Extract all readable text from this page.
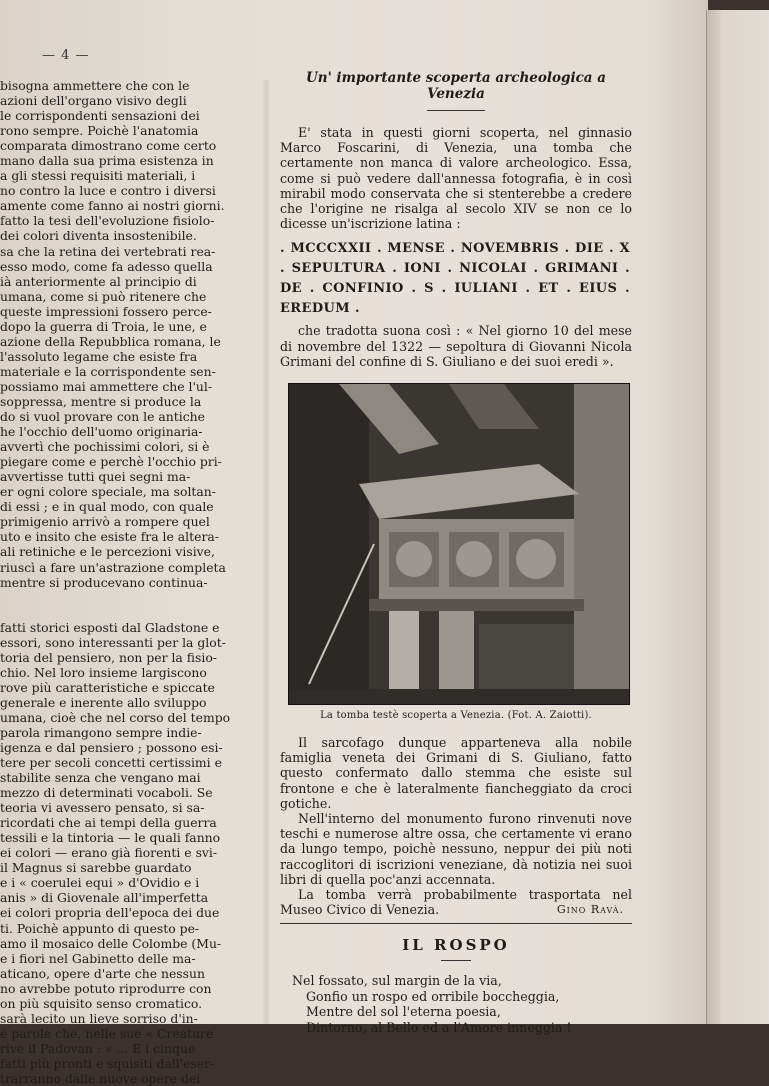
— 4 —

bisogna ammettere che con le

azioni dell'organo visivo degli

le corrispondenti sensazioni dei

rono sempre. Poichè l'anatomia

comparata dimostrano come certo

mano dalla sua prima esistenza in

a gli stessi requisiti materiali, i

no contro la luce e contro i diversi

amente come fanno ai nostri giorni.

fatto la tesi dell'evoluzione fisiolo-

dei colori diventa insostenibile.

sa che la retina dei vertebrati rea-

esso modo, come fa adesso quella

ià anteriormente al principio di

umana, come si può ritenere che

queste impressioni fossero perce-

dopo la guerra di Troia, le une, e

azione della Repubblica romana, le

l'assoluto legame che esiste fra

materiale e la corrispondente sen-

possiamo mai ammettere che l'ul-

soppressa, mentre si produce la

do si vuol provare con le antiche

he l'occhio dell'uomo originaria-

avvertì che pochissimi colori, si è

piegare come e perchè l'occhio pri-

avvertisse tutti quei segni ma-

er ogni colore speciale, ma soltan-

di essi ; e in qual modo, con quale

primigenio arrivò a rompere quel

uto e insito che esiste fra le altera-

ali retiniche e le percezioni visive,

riuscì a fare un'astrazione completa

mentre si producevano continua-

fatti storici esposti dal Gladstone e

essori, sono interessanti per la glot-

toria del pensiero, non per la fisio-

chio. Nel loro insieme largiscono

rove più caratteristiche e spiccate

generale e inerente allo sviluppo

umana, cioè che nel corso del tempo

parola rimangono sempre indie-

igenza e dal pensiero ; possono esi-

tere per secoli concetti certissimi e

stabilite senza che vengano mai

mezzo di determinati vocaboli. Se

teoria vi avessero pensato, si sa-

ricordati che ai tempi della guerra

tessili e la tintoria — le quali fanno

ei colori — erano già fiorenti e svi-

il Magnus si sarebbe guardato

e i « coerulei equi » d'Ovidio e i

anis » di Giovenale all'imperfetta

ei colori propria dell'epoca dei due

ti. Poichè appunto di questo pe-

amo il mosaico delle Colombe (Mu-

e i fiori nel Gabinetto delle ma-

aticano, opere d'arte che nessun

no avrebbe potuto riprodurre con

on più squisito senso cromatico.

sarà lecito un lieve sorriso d'in-

e parole che, nelle sue « Creature

rive il Padovan : « ... E i cinque

fatti più pronti e squisiti dall'eser-

trarranno dalle nuove opere dei

Un' importante scoperta archeologica a Venezia

E' stata in questi giorni scoperta, nel ginnasio Marco Foscarini, di Venezia, una tomba che certamente non manca di valore archeologico. Essa, come si può vedere dall'annessa fotografia, è in così mirabil modo conservata che si stenterebbe a credere che l'origine ne risalga al secolo XIV se non ce lo dicesse un'iscrizione latina :

. MCCCXXII . MENSE . NOVEMBRIS . DIE . X . SEPULTURA . IONI . NICOLAI . GRIMANI . DE . CONFINIO . S . IULIANI . ET . EIUS . EREDUM .

che tradotta suona così : « Nel giorno 10 del mese di novembre del 1322 — sepoltura di Giovanni Nicola Grimani del confine di S. Giuliano e dei suoi eredi ».

La tomba testè scoperta a Venezia. (Fot. A. Zaiotti).

Il sarcofago dunque apparteneva alla nobile famiglia veneta dei Grimani di S. Giuliano, fatto questo confermato dallo stemma che esiste sul frontone e che è lateralmente fiancheggiato da croci gotiche.

Nell'interno del monumento furono rinvenuti nove teschi e numerose altre ossa, che certamente vi erano da lungo tempo, poichè nessuno, neppur dei più noti raccoglitori di iscrizioni veneziane, dà notizia nei suoi libri di quella poc'anzi accennata.

La tomba verrà probabilmente trasportata nel Museo Civico di Venezia.	Gino Ravà.

IL ROSPO

Nel fossato, sul margin de la via,

Gonfio un rospo ed orribile boccheggia,

Mentre del sol l'eterna poesia,

Dintorno, al Bello ed a l'Amore inneggia !
